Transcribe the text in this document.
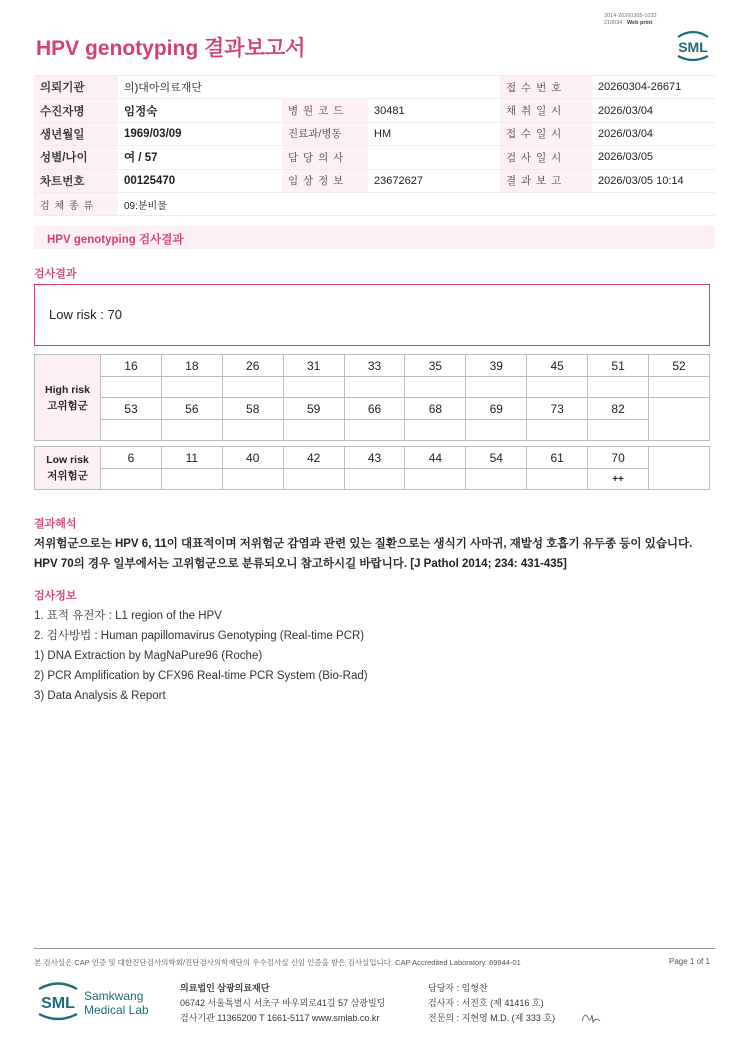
3014-20260305-1033
210034 Web print
HPV genotyping 결과보고서	SML
의뢰기관	의)대아의료재단			접 수 번 호	20260304-26671
수진자명	임정숙	병 원 코 드	30481	채 취 일 시	2026/03/04
생년월일	1969/03/09	진료과/병동	HM	접 수 일 시	2026/03/04
성별/나이	여 / 57	담 당 의 사		검 사 일 시	2026/03/05
차트번호	00125470	임 상 정 보	23672627	결 과 보 고	2026/03/05 10:14
검 체 종 류	09:분비물				
HPV genotyping 검사결과
검사결과
Low risk : 70
High risk
고위험군	16	18	26	31	33	35	39	45	51	52

	53	56	58	59	66	68	69	73	82	

Low risk
저위험군	6	11	40	42	43	44	54	61	70	
									++	
결과해석
저위험군으로는 HPV 6, 11이 대표적이며 저위험군 감염과 관련 있는 질환으로는 생식기 사마귀, 재발성 호흡기 유두종 등이 있습니다.
HPV 70의 경우 일부에서는 고위험군으로 분류되오니 참고하시길 바랍니다. [J Pathol 2014; 234: 431-435]
검사정보
1. 표적 유전자 : L1 region of the HPV
2. 검사방법 : Human papillomavirus Genotyping (Real-time PCR)
1) DNA Extraction by MagNaPure96 (Roche)
2) PCR Amplification by CFX96 Real-time PCR System (Bio-Rad)
3) Data Analysis & Report
본 검사실은 CAP 인증 및 대한진단검사의학회/진단검사의학재단의 우수검사실 신임 인증을 받은 검사실입니다. CAP Accredited Laboratory. 69944-01	Page 1 of 1
SML Samkwang
Medical Lab
의료법인 삼광의료재단
06742 서울특별시 서초구 바우뫼로41길 57 삼광빌딩
검사기관 11365200 T 1661-5117 www.smlab.co.kr
담당자 : 임형찬
검사자 : 서진호 (제 41416 호)
전문의 : 지현영 M.D. (제 333 호)
